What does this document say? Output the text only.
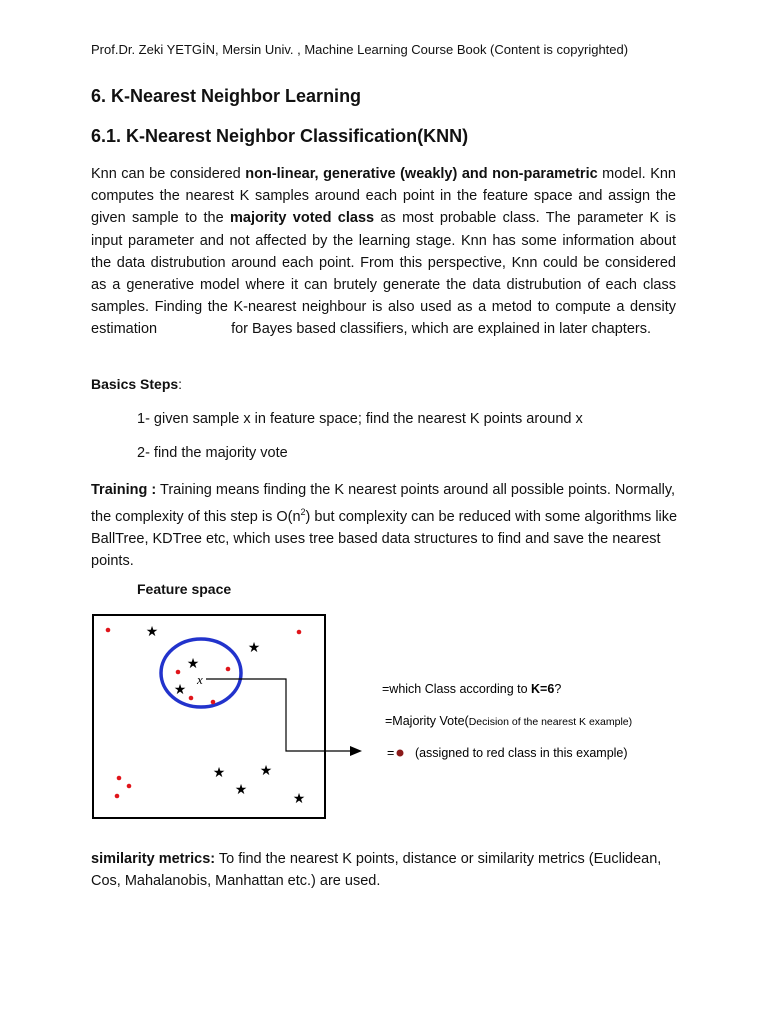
Prof.Dr. Zeki YETGİN, Mersin Univ. , Machine Learning Course Book (Content is copyrighted)
6. K-Nearest Neighbor Learning
6.1. K-Nearest Neighbor Classification(KNN)

Knn can be considered non-linear, generative (weakly) and non-parametric model. Knn computes the nearest K samples around each point in the feature space and assign the given sample to the majority voted class as most probable class. The parameter K is input parameter and not affected by the learning stage. Knn has some information about the data distrubution around each point. From this perspective, Knn could be considered as a generative model where it can brutely generate the data distrubution of each class samples. Finding the K-nearest neighbour is also used as a metod to compute a density estimation	for Bayes based classifiers, which are explained in later chapters.

Basics Steps:
1- given sample x in feature space; find the nearest K points around x
2- find the majority vote

Training : Training means finding the K nearest points around all possible points. Normally, the complexity of this step is $O(n^2)$ but complexity can be reduced with some algorithms like BallTree, KDTree etc, which uses tree based data structures to find and save the nearest points.

Feature space
★
★
★
★
★ ★
★
★
x
=which Class according to K=6?
=Majority Vote(Decision of the nearest K example)
= (assigned to red class in this example)

similarity metrics: To find the nearest K points, distance or similarity metrics (Euclidean, Cos, Mahalanobis, Manhattan etc.) are used.
